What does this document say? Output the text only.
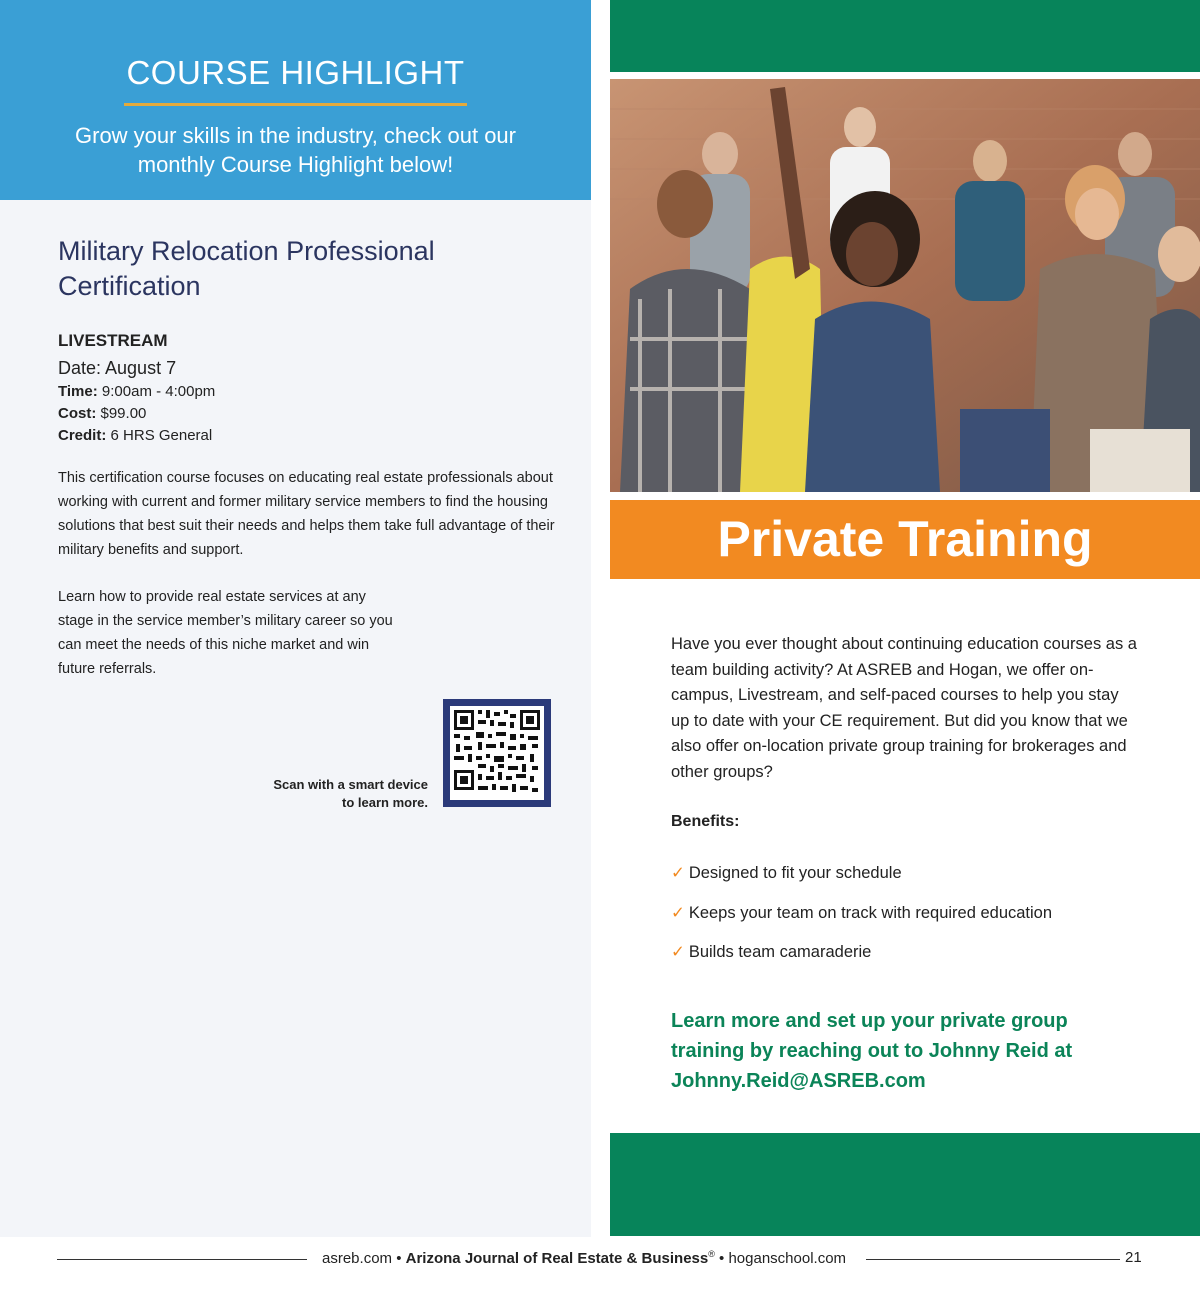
COURSE HIGHLIGHT
Grow your skills in the industry, check out our monthly Course Highlight below!
Military Relocation Professional Certification
LIVESTREAM
Date: August 7
Time: 9:00am - 4:00pm
Cost: $99.00
Credit: 6 HRS General
This certification course focuses on educating real estate professionals about working with current and former military service members to find the housing solutions that best suit their needs and helps them take full advantage of their military benefits and support.
Learn how to provide real estate services at any stage in the service member’s military career so you can meet the needs of this niche market and win future referrals.
Scan with a smart device to learn more.
Private Training
Have you ever thought about continuing education courses as a team building activity? At ASREB and Hogan, we offer on-campus, Livestream, and self-paced courses to help you stay up to date with your CE requirement. But did you know that we also offer on-location private group training for brokerages and other groups?
Benefits:
✓ Designed to fit your schedule
✓ Keeps your team on track with required education
✓ Builds team camaraderie
Learn more and set up your private group training by reaching out to Johnny Reid at Johnny.Reid@ASREB.com
asreb.com • Arizona Journal of Real Estate & Business® • hoganschool.com	21
